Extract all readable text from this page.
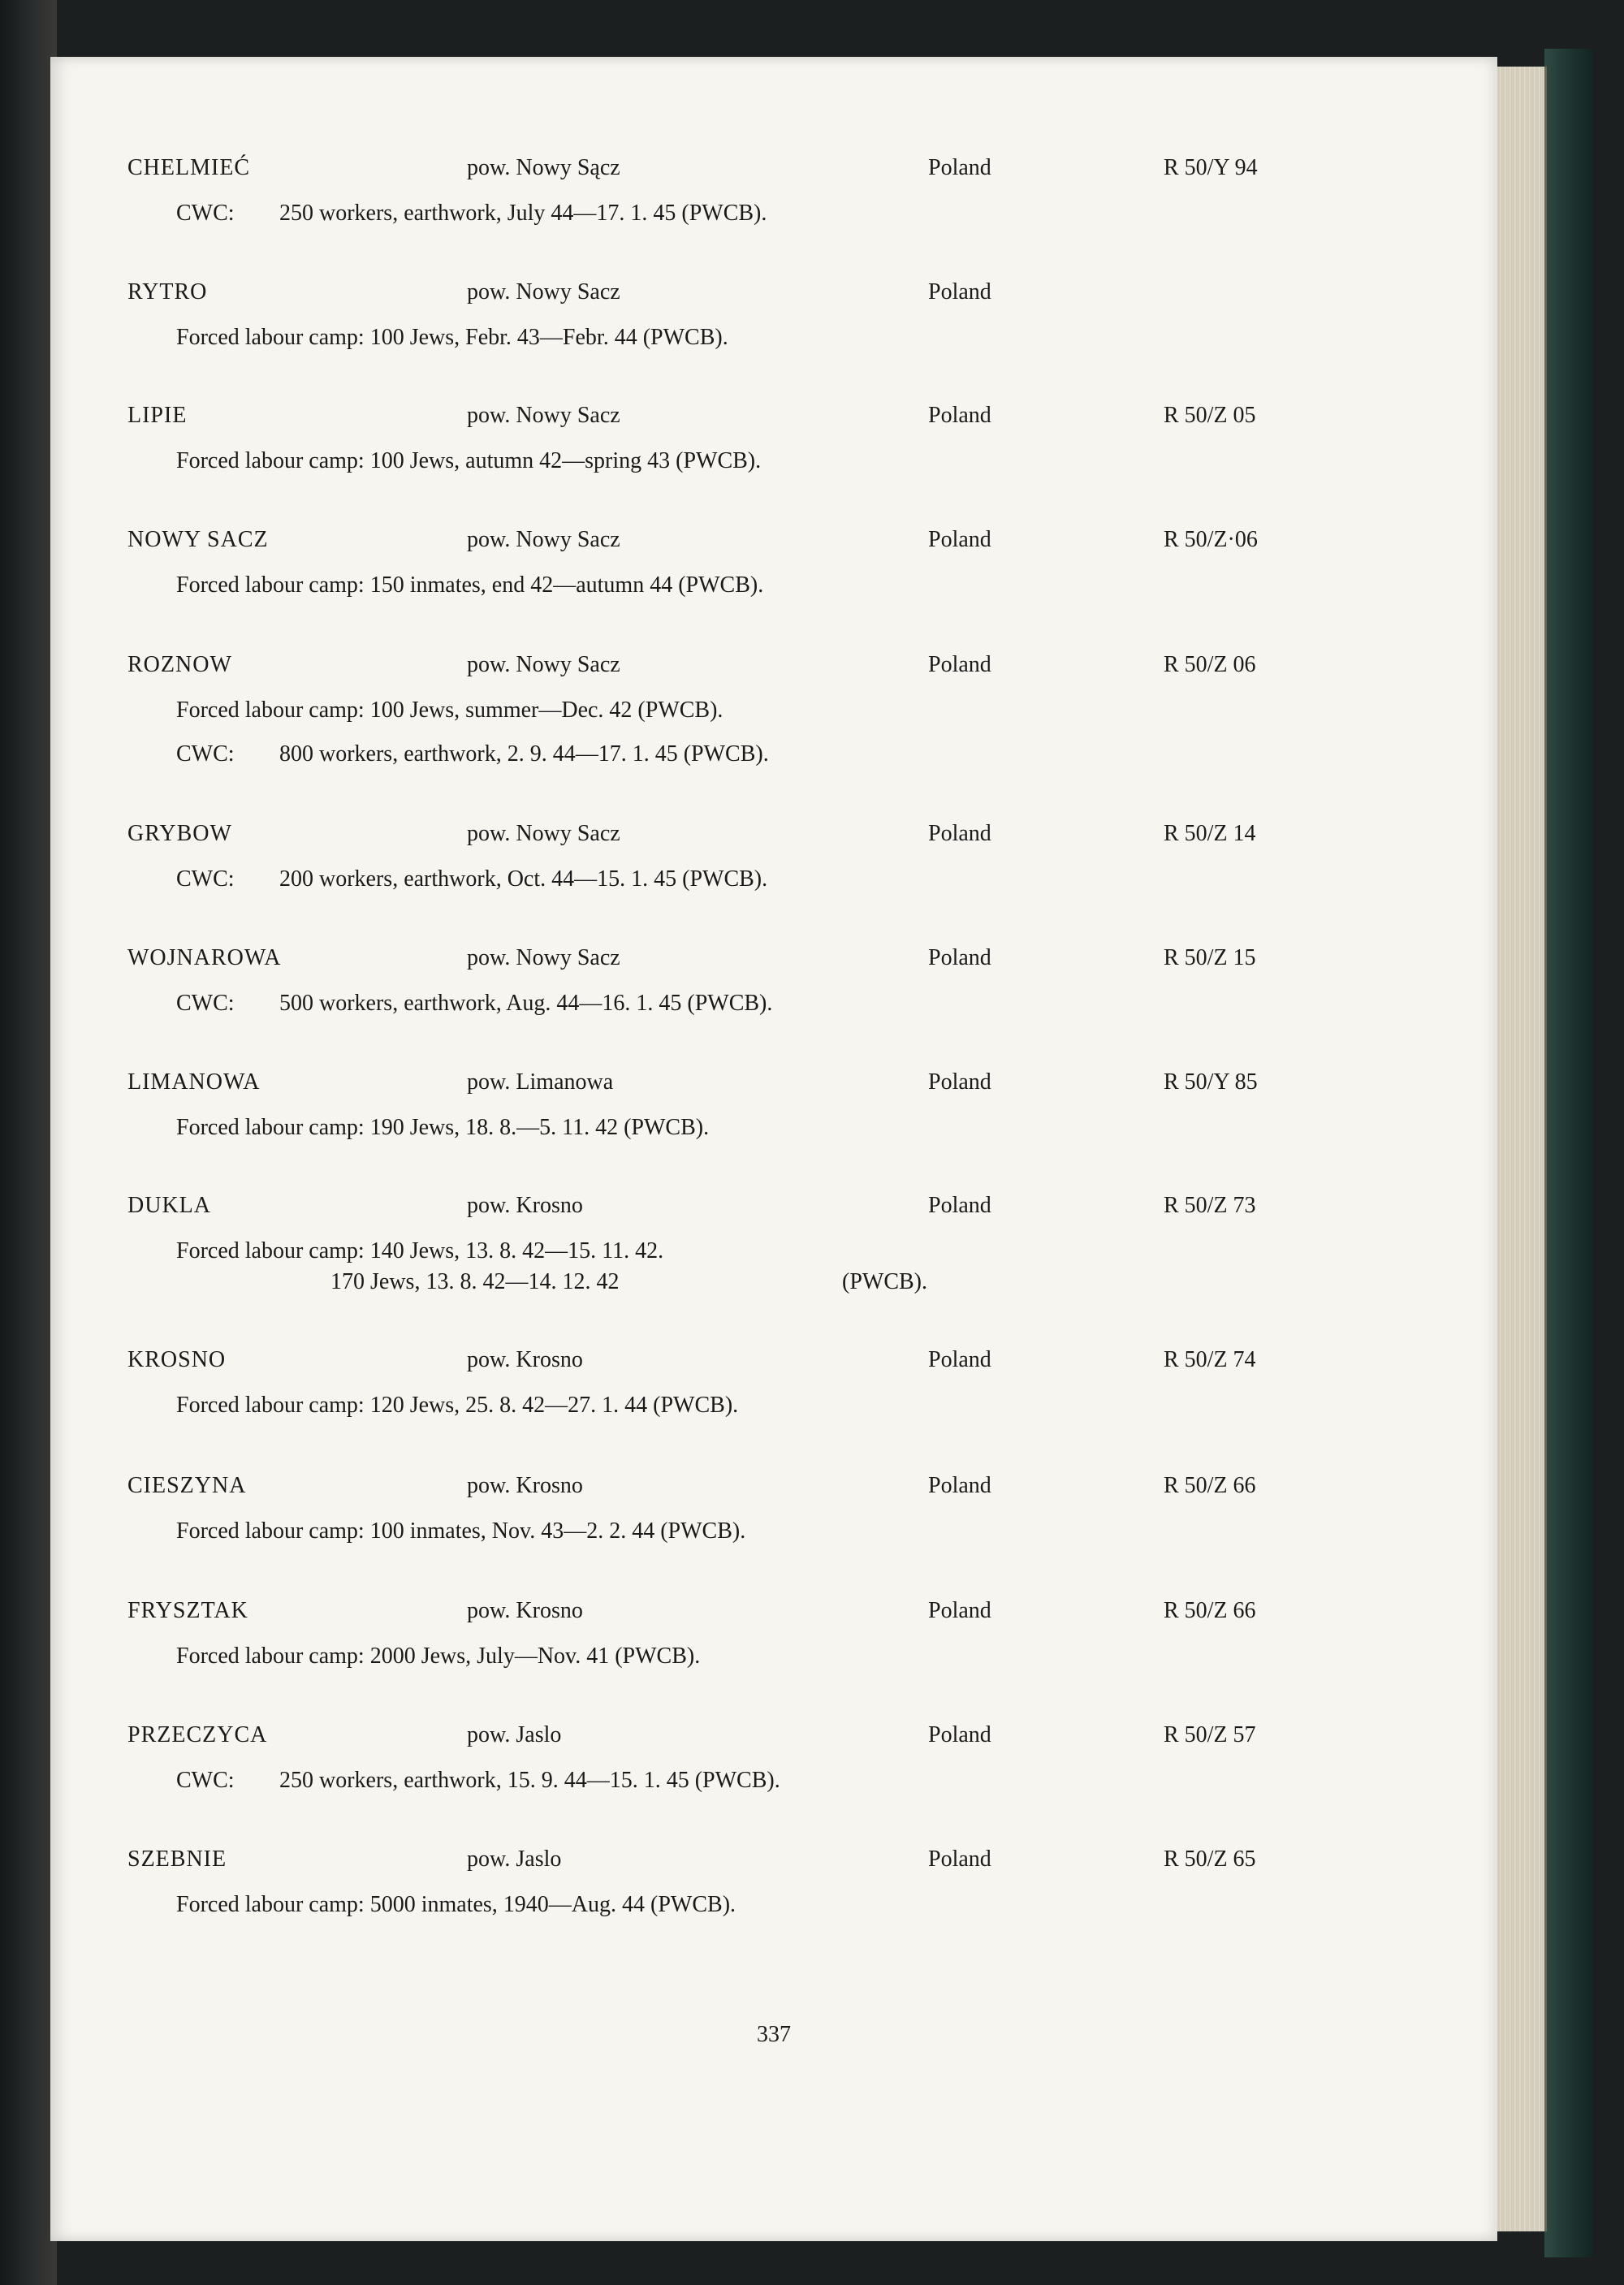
CHELMIEĆ	pow. Nowy Sącz	Poland	R 50/Y 94
CWC: 250 workers, earthwork, July 44—17. 1. 45 (PWCB).
RYTRO	pow. Nowy Sacz	Poland
Forced labour camp: 100 Jews, Febr. 43—Febr. 44 (PWCB).
LIPIE	pow. Nowy Sacz	Poland	R 50/Z 05
Forced labour camp: 100 Jews, autumn 42—spring 43 (PWCB).
NOWY SACZ	pow. Nowy Sacz	Poland	R 50/Z·06
Forced labour camp: 150 inmates, end 42—autumn 44 (PWCB).
ROZNOW	pow. Nowy Sacz	Poland	R 50/Z 06
Forced labour camp: 100 Jews, summer—Dec. 42 (PWCB).
CWC: 800 workers, earthwork, 2. 9. 44—17. 1. 45 (PWCB).
GRYBOW	pow. Nowy Sacz	Poland	R 50/Z 14
CWC: 200 workers, earthwork, Oct. 44—15. 1. 45 (PWCB).
WOJNAROWA	pow. Nowy Sacz	Poland	R 50/Z 15
CWC: 500 workers, earthwork, Aug. 44—16. 1. 45 (PWCB).
LIMANOWA	pow. Limanowa	Poland	R 50/Y 85
Forced labour camp: 190 Jews, 18. 8.—5. 11. 42 (PWCB).
DUKLA	pow. Krosno	Poland	R 50/Z 73
Forced labour camp: 140 Jews, 13. 8. 42—15. 11. 42.
170 Jews, 13. 8. 42—14. 12. 42	(PWCB).
KROSNO	pow. Krosno	Poland	R 50/Z 74
Forced labour camp: 120 Jews, 25. 8. 42—27. 1. 44 (PWCB).
CIESZYNA	pow. Krosno	Poland	R 50/Z 66
Forced labour camp: 100 inmates, Nov. 43—2. 2. 44 (PWCB).
FRYSZTAK	pow. Krosno	Poland	R 50/Z 66
Forced labour camp: 2000 Jews, July—Nov. 41 (PWCB).
PRZECZYCA	pow. Jaslo	Poland	R 50/Z 57
CWC: 250 workers, earthwork, 15. 9. 44—15. 1. 45 (PWCB).
SZEBNIE	pow. Jaslo	Poland	R 50/Z 65
Forced labour camp: 5000 inmates, 1940—Aug. 44 (PWCB).
337
